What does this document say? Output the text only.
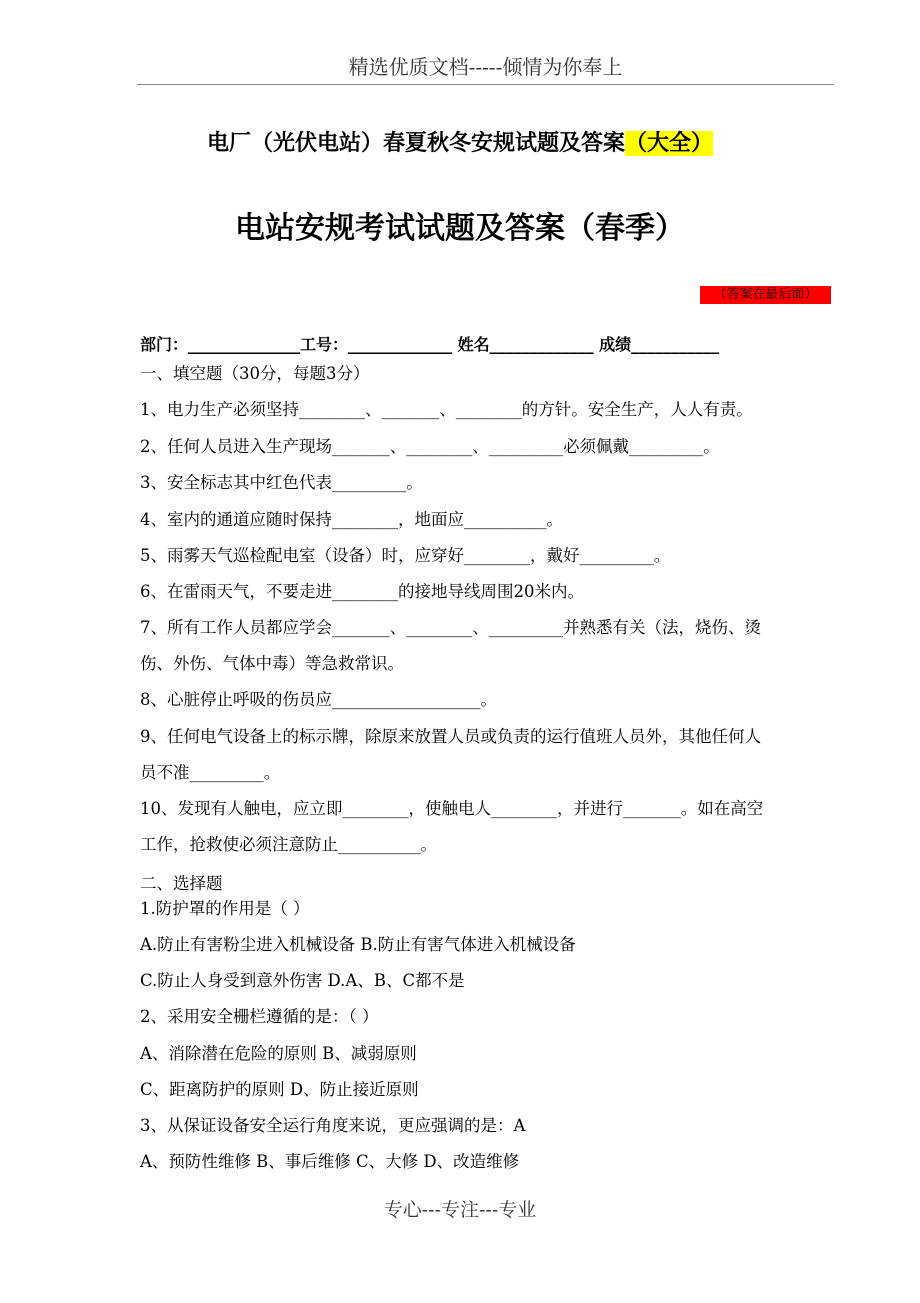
精选优质文档-----倾情为你奉上
电厂（光伏电站）春夏秋冬安规试题及答案（大全）
电站安规考试试题及答案（春季）
（答案在最后面）
部门：______________工号：_____________ 姓名_____________ 成绩___________
一、填空题（30分，每题3分）
1、电力生产必须坚持________、_______、________的方针。安全生产，人人有责。
2、任何人员进入生产现场_______、________、_________必须佩戴_________。
3、安全标志其中红色代表_________。
4、室内的通道应随时保持________，地面应__________。
5、雨雾天气巡检配电室（设备）时，应穿好________，戴好_________。
6、在雷雨天气，不要走进________的接地导线周围20米内。
7、所有工作人员都应学会_______、________、_________并熟悉有关（法，烧伤、烫
伤、外伤、气体中毒）等急救常识。
8、心脏停止呼吸的伤员应__________________。
9、任何电气设备上的标示牌，除原来放置人员或负责的运行值班人员外，其他任何人
员不准_________。
10、发现有人触电，应立即________，使触电人________，并进行_______。如在高空
工作，抢救使必须注意防止__________。
二、选择题
1.防护罩的作用是（ ）
A.防止有害粉尘进入机械设备 B.防止有害气体进入机械设备
C.防止人身受到意外伤害 D.A、B、C都不是
2、采用安全栅栏遵循的是：（ ）
A、消除潜在危险的原则 B、减弱原则
C、距离防护的原则 D、防止接近原则
3、从保证设备安全运行角度来说，更应强调的是：A
A、预防性维修 B、事后维修 C、大修 D、改造维修
专心---专注---专业
